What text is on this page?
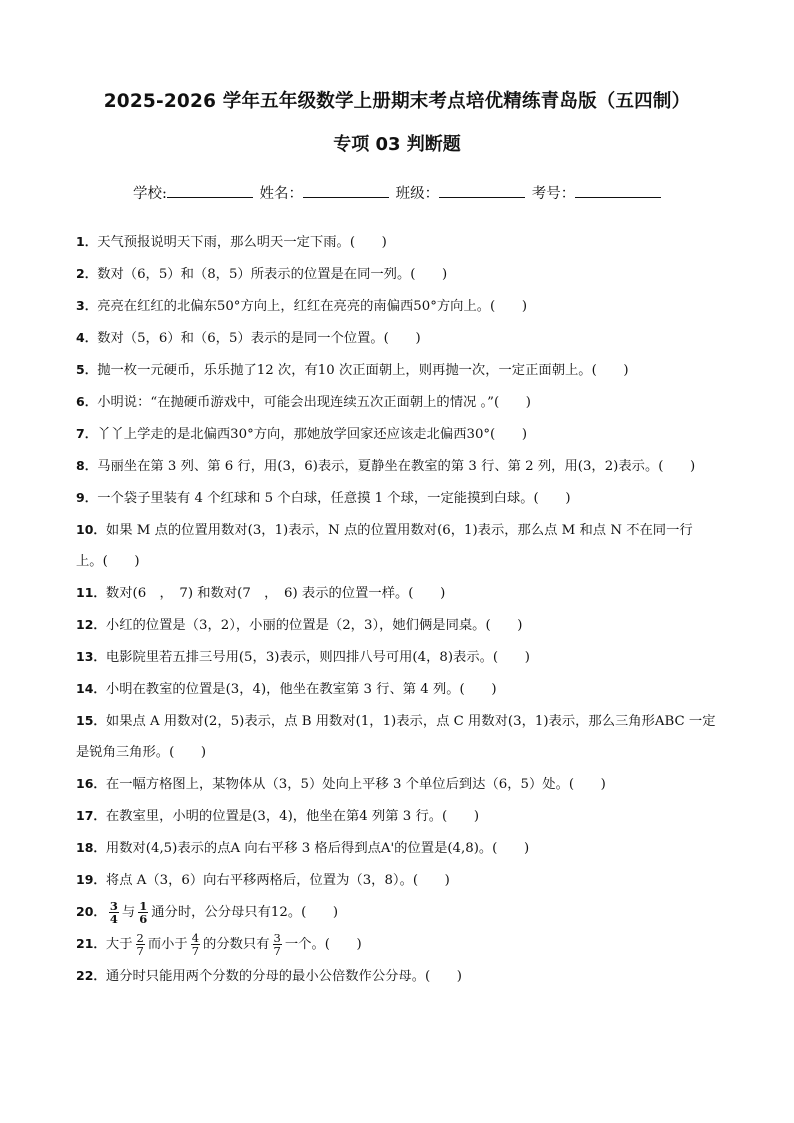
2025-2026 学年五年级数学上册期末考点培优精练青岛版（五四制）
专项 03 判断题
学校:	姓名：	班级：	考号：

1．天气预报说明天下雨，那么明天一定下雨。(　　)

2．数对（6，5）和（8，5）所表示的位置是在同一列。(　　)

3．亮亮在红红的北偏东50°方向上，红红在亮亮的南偏西50°方向上。(　　)

4．数对（5，6）和（6，5）表示的是同一个位置。(　　)

5．抛一枚一元硬币，乐乐抛了12 次，有10 次正面朝上，则再抛一次，一定正面朝上。(　　)

6．小明说：“在抛硬币游戏中，可能会出现连续五次正面朝上的情况 。”(　　)

7．丫丫上学走的是北偏西30°方向，那她放学回家还应该走北偏西30°(　　)

8．马丽坐在第 3 列、第 6 行，用(3，6)表示，夏静坐在教室的第 3 行、第 2 列，用(3，2)表示。(　　)

9．一个袋子里装有 4 个红球和 5 个白球，任意摸 1 个球，一定能摸到白球。(　　)

10．如果 M 点的位置用数对(3，1)表示，N 点的位置用数对(6，1)表示，那么点 M 和点 N 不在同一行上。(　　)

11．数对(6　，　7) 和数对(7　，　6) 表示的位置一样。(　　)

12．小红的位置是（3，2），小丽的位置是（2，3），她们俩是同桌。(　　)

13．电影院里若五排三号用(5，3)表示，则四排八号可用(4，8)表示。(　　)

14．小明在教室的位置是(3，4)，他坐在教室第 3 行、第 4 列。(　　)

15．如果点 A 用数对(2，5)表示，点 B 用数对(1，1)表示，点 C 用数对(3，1)表示，那么三角形ABC 一定是锐角三角形。(　　)

16．在一幅方格图上，某物体从（3，5）处向上平移 3 个单位后到达（6，5）处。(　　)

17．在教室里，小明的位置是(3，4)，他坐在第4 列第 3 行。(　　)

18．用数对(4,5)表示的点A 向右平移 3 格后得到点A'的位置是(4,8)。(　　)

19．将点 A（3，6）向右平移两格后，位置为（3，8）。(　　)

20． $\frac{3}{4}$ 与 $\frac{1}{6}$ 通分时，公分母只有12。(　　)

21．大于 $\frac{2}{7}$ 而小于 $\frac{4}{7}$ 的分数只有 $\frac{3}{7}$ 一个。(　　)

22．通分时只能用两个分数的分母的最小公倍数作公分母。(　　)
